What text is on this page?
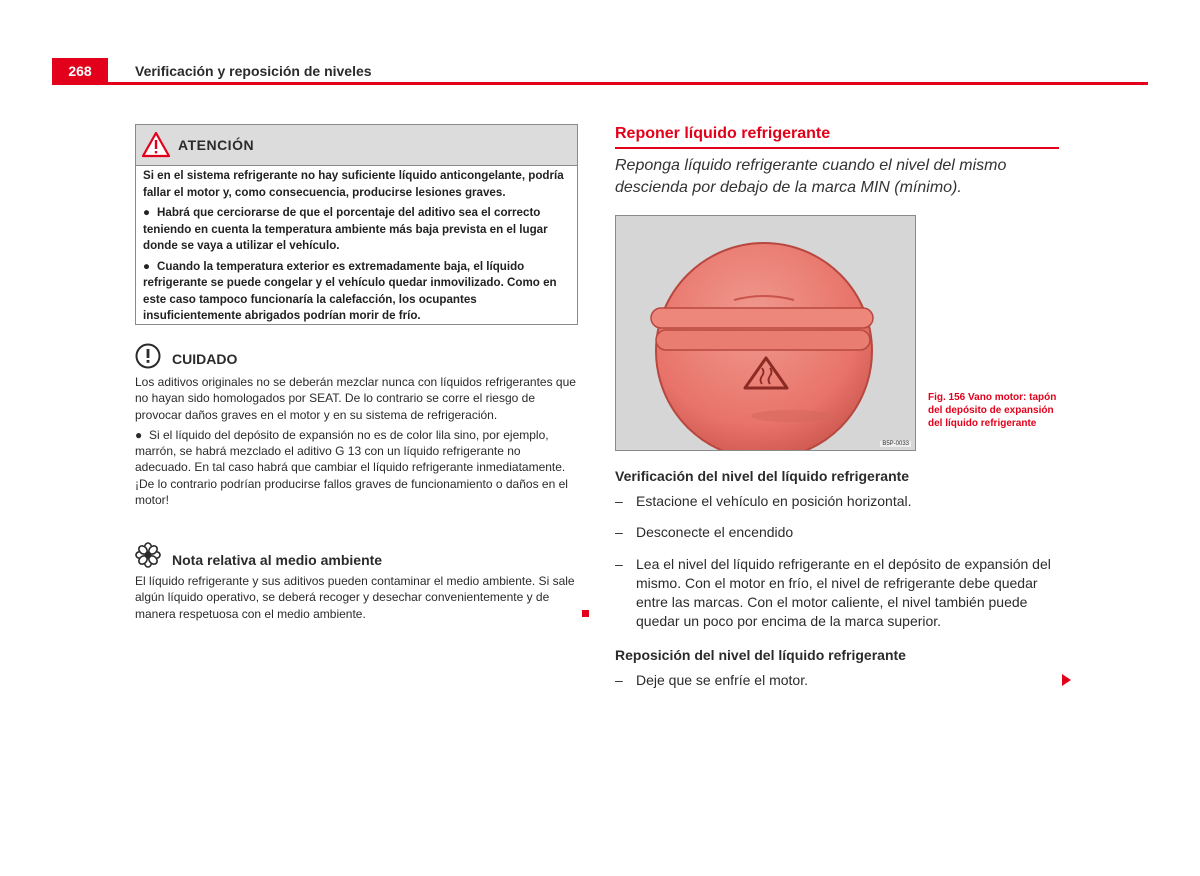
268	Verificación y reposición de niveles
ATENCIÓN

Si en el sistema refrigerante no hay suficiente líquido anticongelante, podría fallar el motor y, como consecuencia, producirse lesiones graves.

● Habrá que cerciorarse de que el porcentaje del aditivo sea el correcto teniendo en cuenta la temperatura ambiente más baja prevista en el lugar donde se vaya a utilizar el vehículo.

● Cuando la temperatura exterior es extremadamente baja, el líquido refrigerante se puede congelar y el vehículo quedar inmovilizado. Como en este caso tampoco funcionaría la calefacción, los ocupantes insuficientemente abrigados podrían morir de frío.

CUIDADO

Los aditivos originales no se deberán mezclar nunca con líquidos refrigerantes que no hayan sido homologados por SEAT. De lo contrario se corre el riesgo de provocar daños graves en el motor y en su sistema de refrigeración.

● Si el líquido del depósito de expansión no es de color lila sino, por ejemplo, marrón, se habrá mezclado el aditivo G 13 con un líquido refrigerante no adecuado. En tal caso habrá que cambiar el líquido refrigerante inmediatamente. ¡De lo contrario podrían producirse fallos graves de funcionamiento o daños en el motor!

Nota relativa al medio ambiente
El líquido refrigerante y sus aditivos pueden contaminar el medio ambiente. Si sale algún líquido operativo, se deberá recoger y desechar convenientemente y de manera respetuosa con el medio ambiente.
Reponer líquido refrigerante
Reponga líquido refrigerante cuando el nivel del mismo descienda por debajo de la marca MIN (mínimo).
B5P-0033
Fig. 156 Vano motor: tapón del depósito de expansión del líquido refrigerante
Verificación del nivel del líquido refrigerante
– Estacione el vehículo en posición horizontal.
– Desconecte el encendido
– Lea el nivel del líquido refrigerante en el depósito de expansión del mismo. Con el motor en frío, el nivel de refrigerante debe quedar entre las marcas. Con el motor caliente, el nivel también puede quedar un poco por encima de la marca superior.
Reposición del nivel del líquido refrigerante
– Deje que se enfríe el motor.
